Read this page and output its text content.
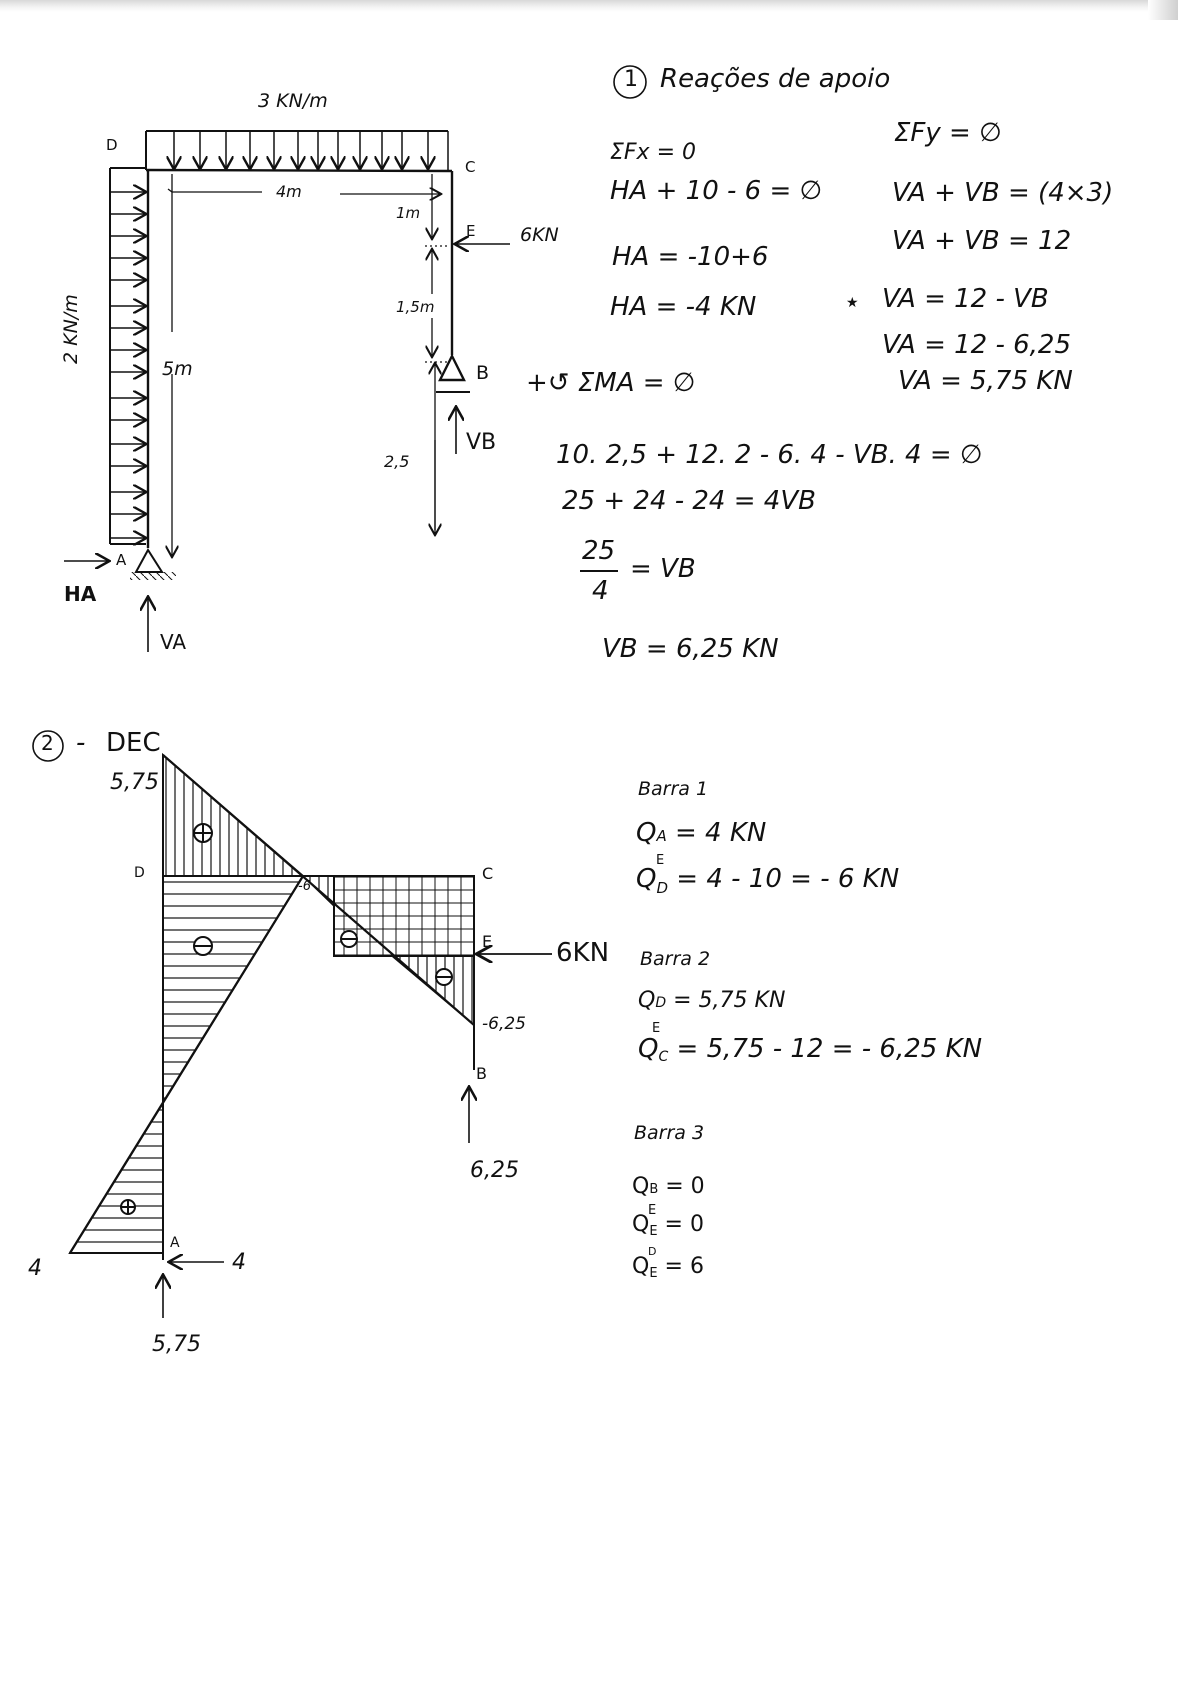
3 KN/m
D
C
E 6KN
4m
1m
1,5m
5m
2,5
B
VB
A
HA
VA
2 KN/m
1 Reações de apoio
ΣFx = 0
HA + 10 - 6 = ∅
HA = -10+6
HA = -4 KN
ΣFy = ∅
VA + VB = (4×3)
VA + VB = 12
★ VA = 12 - VB
VA = 12 - 6,25
VA = 5,75 KN
+↺ ΣMA = ∅
10. 2,5 + 12. 2 - 6. 4 - VB. 4 = ∅
25 + 24 - 24 = 4VB
25
4
= VB
VB = 6,25 KN
2 - DEC
5,75
D	C
E 6KN
-6,25
-6
B
6,25
4
A
4
5,75
Barra 1
QA = 4 KN
$Q_D = 4 - 10$ = - 6 KN
E
Barra 2
QD = 5,75 KN
QC = 5,75 - 12 = - 6,25 KN
E
Barra 3
QB = 0
QE = 0
E
QE = 6
D
